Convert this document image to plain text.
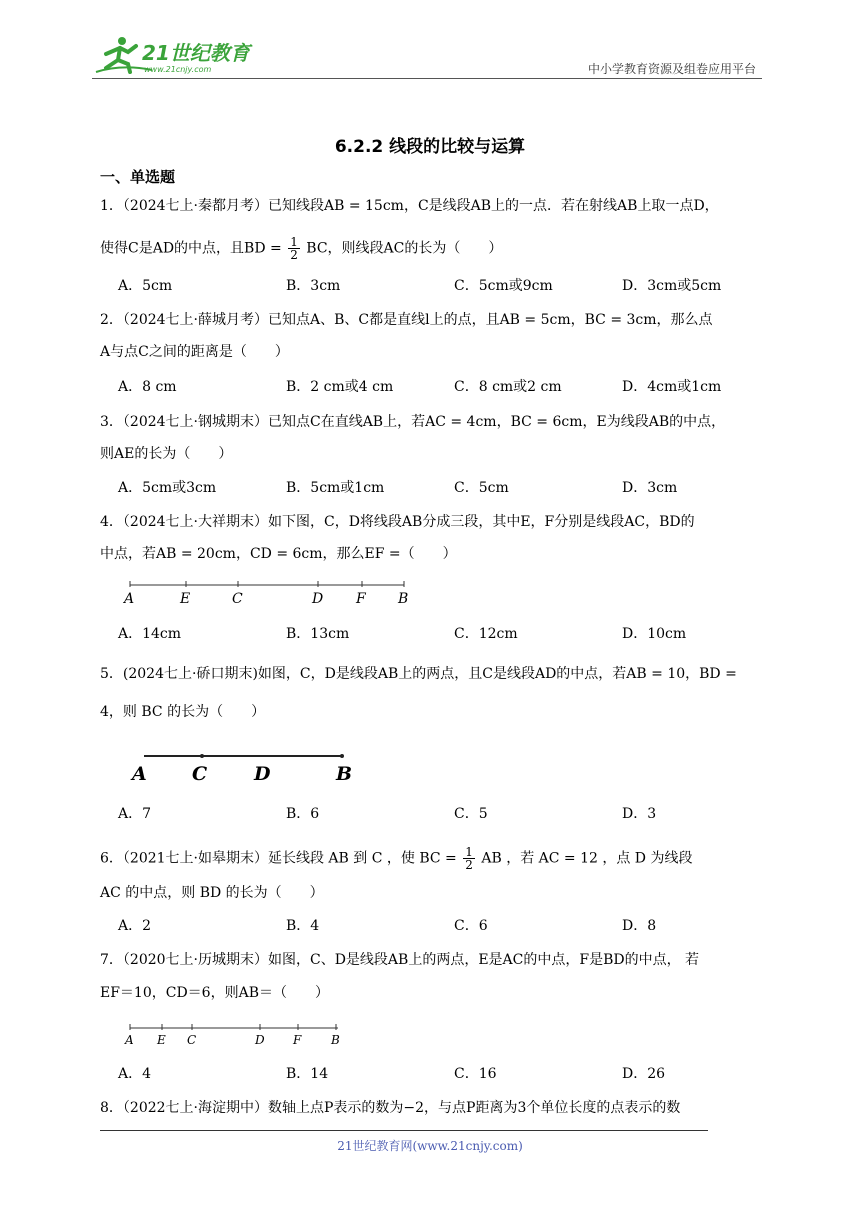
21世纪教育
www.21cnjy.com	中小学教育资源及组卷应用平台
6.2.2 线段的比较与运算
一、单选题
1．（2024七上·秦都月考）已知线段AB = 15cm，C是线段AB上的一点．若在射线AB上取一点D，
使得C是AD的中点，且BD = $\frac{1}{2}$ BC，则线段AC的长为（　　）
A．5cm	B．3cm	C．5cm或9cm	D．3cm或5cm
2．（2024七上·薛城月考）已知点A、B、C都是直线l上的点，且AB = 5cm，BC = 3cm，那么点
A与点C之间的距离是（　　）
A．8 cm	B．2 cm或4 cm	C．8 cm或2 cm	D．4cm或1cm
3．（2024七上·钢城期末）已知点C在直线AB上，若AC = 4cm，BC = 6cm，E为线段AB的中点，
则AE的长为（　　）
A．5cm或3cm	B．5cm或1cm	C．5cm	D．3cm
4．（2024七上·大祥期末）如下图，C，D将线段AB分成三段，其中E，F分别是线段AC，BD的
中点，若AB = 20cm，CD = 6cm，那么EF =（　　）
A	E	C	D F B
A．14cm	B．13cm	C．12cm	D．10cm
5．(2024七上·硚口期末)如图，C，D是线段AB上的两点，且C是线段AD的中点，若AB = 10，BD =
4，则 BC 的长为（　　）
A C D	B
A．7	B．6	C．5	D．3
6．（2021七上·如皋期末）延长线段 AB 到 C ，使 BC = $\frac{1}{2}$ AB ，若 AC = 12 ，点 D 为线段
AC 的中点，则 BD 的长为（　　）
A．2	B．4	C．6	D．8
7．（2020七上·历城期末）如图，C、D是线段AB上的两点，E是AC的中点，F是BD的中点， 若
EF＝10，CD＝6，则AB＝（　　）
A E C	D F B
A．4	B．14	C．16	D．26
8．（2022七上·海淀期中）数轴上点P表示的数为−2，与点P距离为3个单位长度的点表示的数
21世纪教育网(www.21cnjy.com)
